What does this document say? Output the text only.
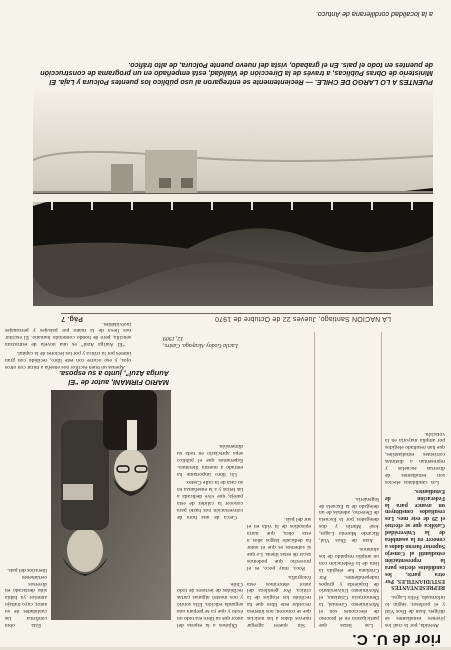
rior de U. C.

Avenida, por la cual los jóvenes estudiantes se dirigen. Juan de Dios Vial y el profesor, según lo informado, Félix Lagos.

REPRESENTANTES ESTUDIANTILES. Por otra parte, los candidatos electos para la representación estudiantil al Consejo Superior fueron dados a conocer en la asamblea de la Universidad Católica que se efectuó el 29 de este mes. Los resultados constituyen un avance para la Federación de Estudiantes.

Los candidatos electos son estudiantes de diversas escuelas y representan a distintas corrientes estudiantiles, que han resultado elegidos por amplia mayoría en la votación.

Las listas que participaron en el proceso de elecciones son el Movimiento Gremial, la Democracia Cristiana, el Movimiento Universitario de Izquierda y grupos independientes. Por Cristiana fue elegida la lista de la Federación con un amplio respaldo de los alumnos.

Juan de Dios Vial, Ricardo Moreno Lagos, José Martín y dos delegados por la Escuela de Derecho, además de un delegado de la Escuela de Ingeniería.

Sin querer agregar nuevos datos a las noticias que se conocen, nos interesa recordar este libro que ha recibido los elogios de la crítica. Por gentileza del autor obtuvimos esta fotografía.

Poco, muy poco, es el provecho que podemos sacar de estas líneas. Lo que sí sabemos es que el autor ha dedicado largos años a esta obra, que narra episodios de la vida en el sur del país.

Dijimos a la esposa del autor que su libro era todo un éxito y que ya se prepara una segunda edición. Ella sonrió y nos mostró algunas cartas recibidas de lectores de todo Chile.

Cerca de una hora de conversación nos bastó para conocer la calidez de esta pareja, que vive dedicada a las letras y a la enseñanza en su casa de la calle Castro.

Un libro importante ha entrado a nuestra literatura. Esperamos que el público sepa apreciarlo en toda su dimensión.

Lucila Godoy Alcayaga. Castro, 12, 1909
MARIO FIRMANI, autor de “El Auriga Azul”, junto a su esposa.

Apenas un buen escritor nos enseña a mirar con otros ojos, y eso ocurre con este libro, recibido con gran interés por la crítica y por los lectores de la capital.

“El Auriga Azul” es una novela de estructura sencilla, pero de hondo contenido humano. El escritor nos lleva de la mano por paisajes y personajes inolvidables.

Esta obra confirma las cualidades de su autor, cuyo trabajo anterior ya había sido destacado en diversos certámenes literarios del país.

LA NACION Santiago, Jueves 22 de Octubre de 1970
Pág. 7
PUENTES A LO LARGO DE CHILE. — Recientemente se entregaron al uso público los puentes Polcura y Laja. El Ministerio de Obras Públicas, a través de la Dirección de Vialidad, está empeñado en un programa de construcción de puentes en todo el país. En el grabado, vista del nuevo puente Polcura, de alto tráfico.
a la localidad cordillerana de Antuco.
